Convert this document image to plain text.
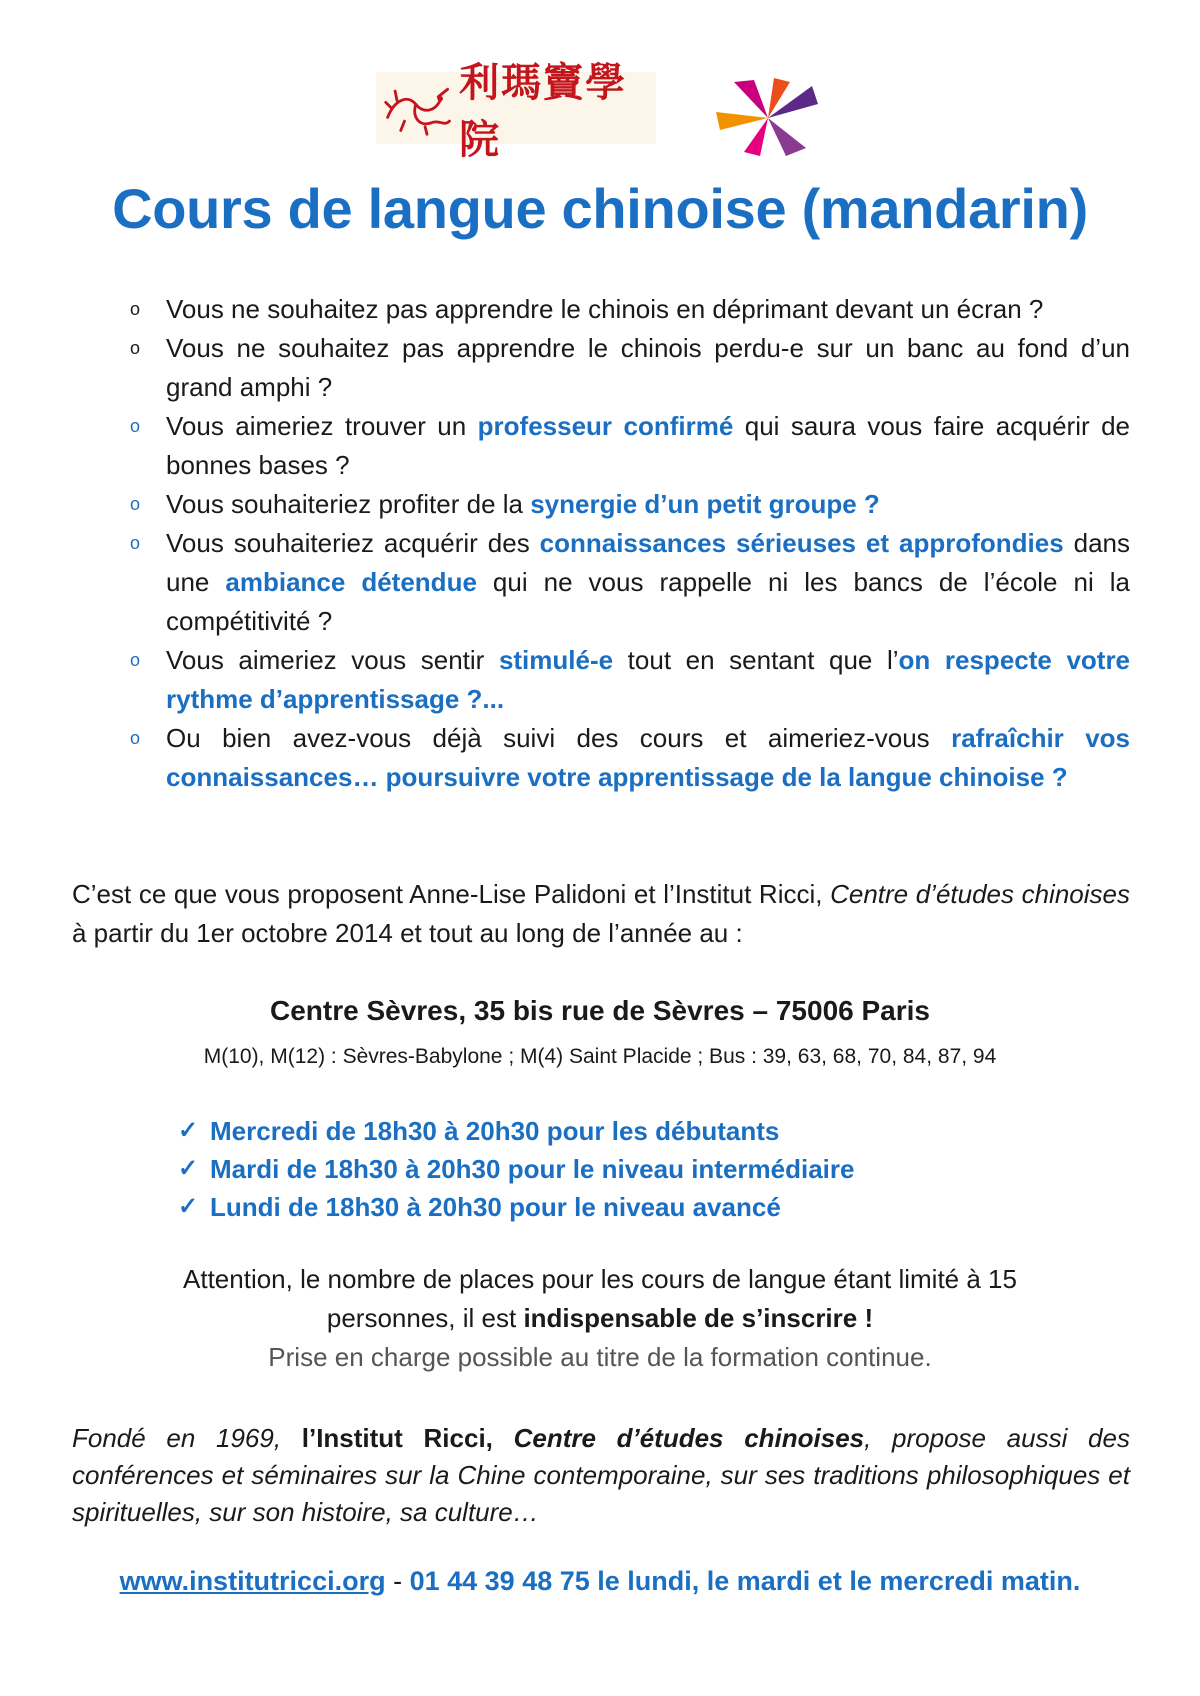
利瑪竇學院
Cours de langue chinoise (mandarin)
o Vous ne souhaitez pas apprendre le chinois en déprimant devant un écran ?
o Vous ne souhaitez pas apprendre le chinois perdu-e sur un banc au fond d’un grand amphi ?
o Vous aimeriez trouver un professeur confirmé qui saura vous faire acquérir de bonnes bases ?
o Vous souhaiteriez profiter de la synergie d’un petit groupe ?
o Vous souhaiteriez acquérir des connaissances sérieuses et approfondies dans une ambiance détendue qui ne vous rappelle ni les bancs de l’école ni la compétitivité ?
o Vous aimeriez vous sentir stimulé-e tout en sentant que l’on respecte votre rythme d’apprentissage ?...
o Ou bien avez-vous déjà suivi des cours et aimeriez-vous rafraîchir vos connaissances… poursuivre votre apprentissage de la langue chinoise ?

C’est ce que vous proposent Anne-Lise Palidoni et l’Institut Ricci, Centre d’études chinoises à partir du 1er octobre 2014 et tout au long de l’année au :

Centre Sèvres, 35 bis rue de Sèvres – 75006 Paris

M(10), M(12) : Sèvres-Babylone ; M(4) Saint Placide ; Bus : 39, 63, 68, 70, 84, 87, 94

✓ Mercredi de 18h30 à 20h30 pour les débutants
✓ Mardi de 18h30 à 20h30 pour le niveau intermédiaire
✓ Lundi de 18h30 à 20h30 pour le niveau avancé
Attention, le nombre de places pour les cours de langue étant limité à 15
personnes, il est indispensable de s’inscrire !
Prise en charge possible au titre de la formation continue.

Fondé en 1969, l’Institut Ricci, Centre d’études chinoises, propose aussi des conférences et séminaires sur la Chine contemporaine, sur ses traditions philosophiques et spirituelles, sur son histoire, sa culture…

www.institutricci.org - 01 44 39 48 75 le lundi, le mardi et le mercredi matin.
